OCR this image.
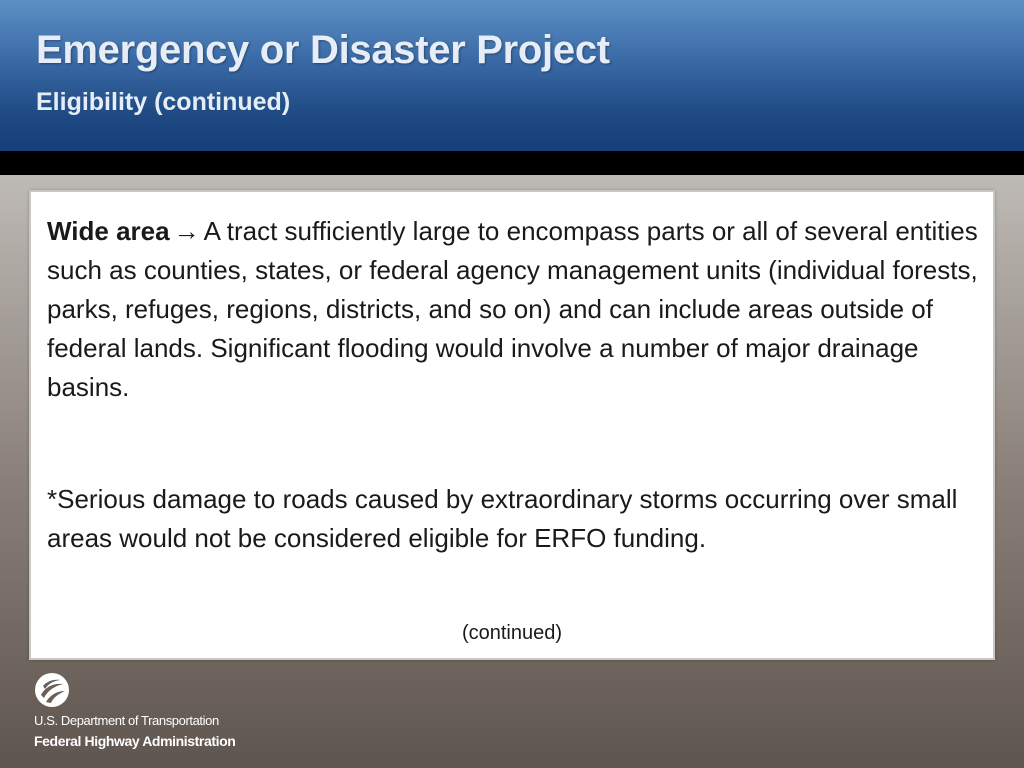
Emergency or Disaster Project
Eligibility (continued)

Wide area → A tract sufficiently large to encompass parts or all of several entities such as counties, states, or federal agency management units (individual forests, parks, refuges, regions, districts, and so on) and can include areas outside of federal lands. Significant flooding would involve a number of major drainage basins.

*Serious damage to roads caused by extraordinary storms occurring over small areas would not be considered eligible for ERFO funding.

(continued)

U.S. Department of Transportation

Federal Highway Administration
